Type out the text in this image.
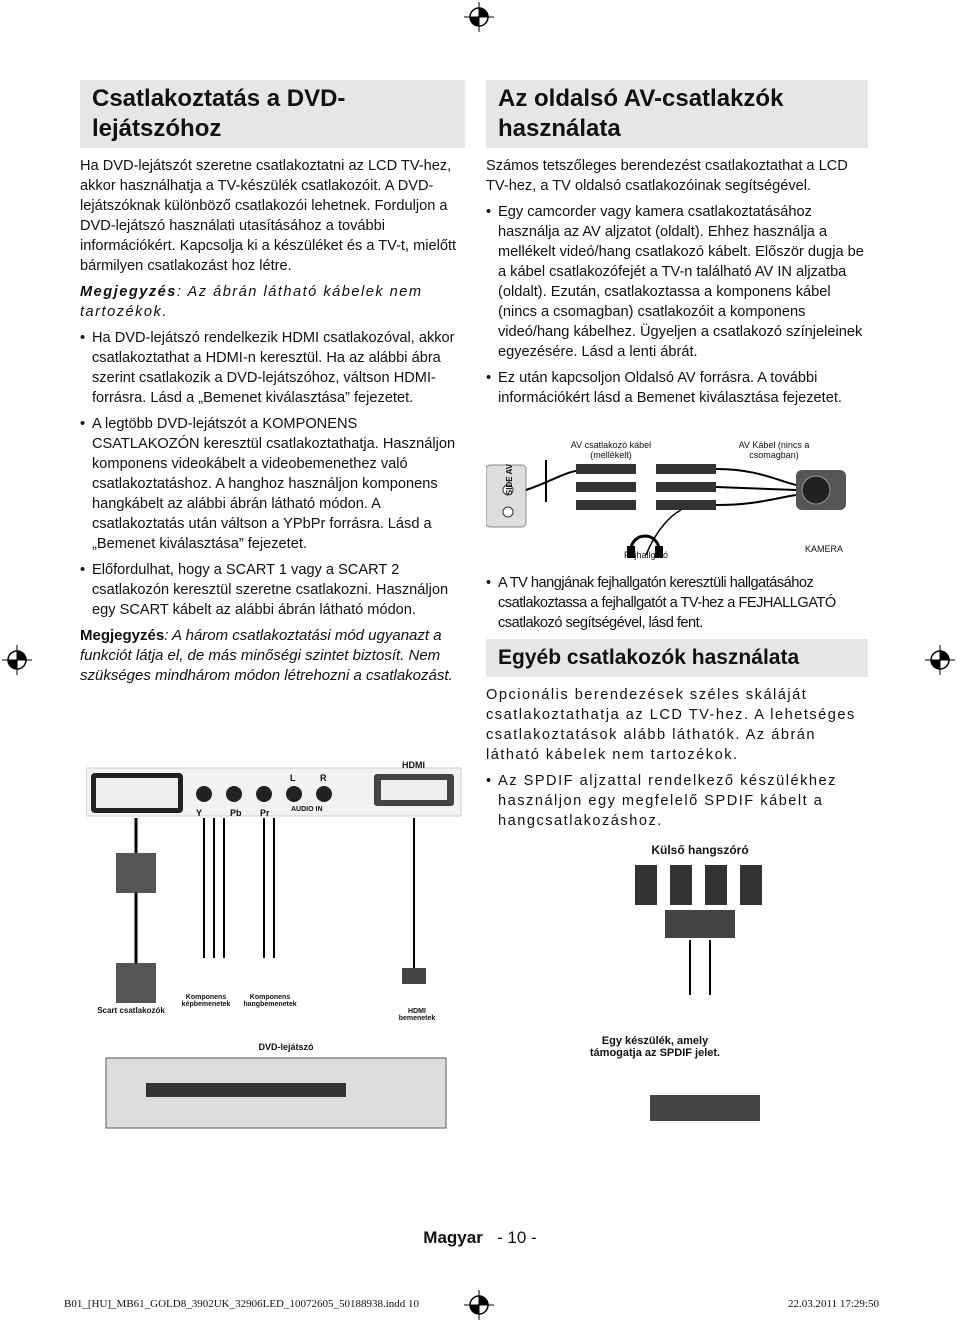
Csatlakoztatás a DVD-lejátszóhoz

Ha DVD-lejátszót szeretne csatlakoztatni az LCD TV-hez, akkor használhatja a TV-készülék csatlakozóit. A DVD-lejátszóknak különböző csatlakozói lehetnek. Forduljon a DVD-lejátszó használati utasításához a további információkért. Kapcsolja ki a készüléket és a TV-t, mielőtt bármilyen csatlakozást hoz létre.

Megjegyzés: Az ábrán látható kábelek nem tartozékok.

• Ha DVD-lejátszó rendelkezik HDMI csatlakozóval, akkor csatlakoztathat a HDMI-n keresztül. Ha az alábbi ábra szerint csatlakozik a DVD-lejátszóhoz, váltson HDMI-forrásra. Lásd a „Bemenet kiválasztása” fejezetet.
• A legtöbb DVD-lejátszót a KOMPONENS CSATLAKOZÓN keresztül csatlakoztathatja. Használjon komponens videokábelt a videobemenethez való csatlakoztatáshoz. A hanghoz használjon komponens hangkábelt az alábbi ábrán látható módon. A csatlakoztatás után váltson a YPbPr forrásra. Lásd a „Bemenet kiválasztása” fejezetet.
• Előfordulhat, hogy a SCART 1 vagy a SCART 2 csatlakozón keresztül szeretne csatlakozni. Használjon egy SCART kábelt az alábbi ábrán látható módon.

Megjegyzés: A három csatlakoztatási mód ugyanazt a funkciót látja el, de más minőségi szintet biztosít. Nem szükséges mindhárom módon létrehozni a csatlakozást.

Az oldalsó AV-csatlakzók használata

Számos tetszőleges berendezést csatlakoztathat a LCD TV-hez, a TV oldalsó csatlakozóinak segítségével.

• Egy camcorder vagy kamera csatlakoztatásához használja az AV aljzatot (oldalt). Ehhez használja a mellékelt videó/hang csatlakozó kábelt. Először dugja be a kábel csatlakozófejét a TV-n található AV IN aljzatba (oldalt). Ezután, csatlakoztassa a komponens kábel (nincs a csomagban) csatlakozóit a komponens videó/hang kábelhez. Ügyeljen a csatlakozó színjeleinek egyezésére. Lásd a lenti ábrát.
• Ez után kapcsoljon Oldalsó AV forrásra. A további információkért lásd a Bemenet kiválasztása fejezetet.
SIDE AV
AV csatlakozó kábel (mellékelt)
AV Kábel (nincs a csomagban)
Fejhallgató
KAMERA
• A TV hangjának fejhallgatón keresztüli hallgatásához csatlakoztassa a fejhallgatót a TV-hez a FEJHALLGATÓ csatlakozó segítségével, lásd fent.
Egyéb csatlakozók használata

Opcionális berendezések széles skáláját csatlakoztathatja az LCD TV-hez. A lehetséges csatlakoztatások alább láthatók. Az ábrán látható kábelek nem tartozékok.

• Az SPDIF aljzattal rendelkező készülékhez használjon egy megfelelő SPDIF kábelt a hangcsatlakozáshoz.
Y	Pb Pr
L	R
AUDIO IN
HDMI
Scart csatlakozók
Komponens képbemenetek
Komponens hangbemenetek
HDMI bemenetek
DVD-lejátszó
Külső hangszóró
Egy készülék, amely támogatja az SPDIF jelet.
Magyar - 10 -
B01_[HU]_MB61_GOLD8_3902UK_32906LED_10072605_50188938.indd 10	22.03.2011 17:29:50
